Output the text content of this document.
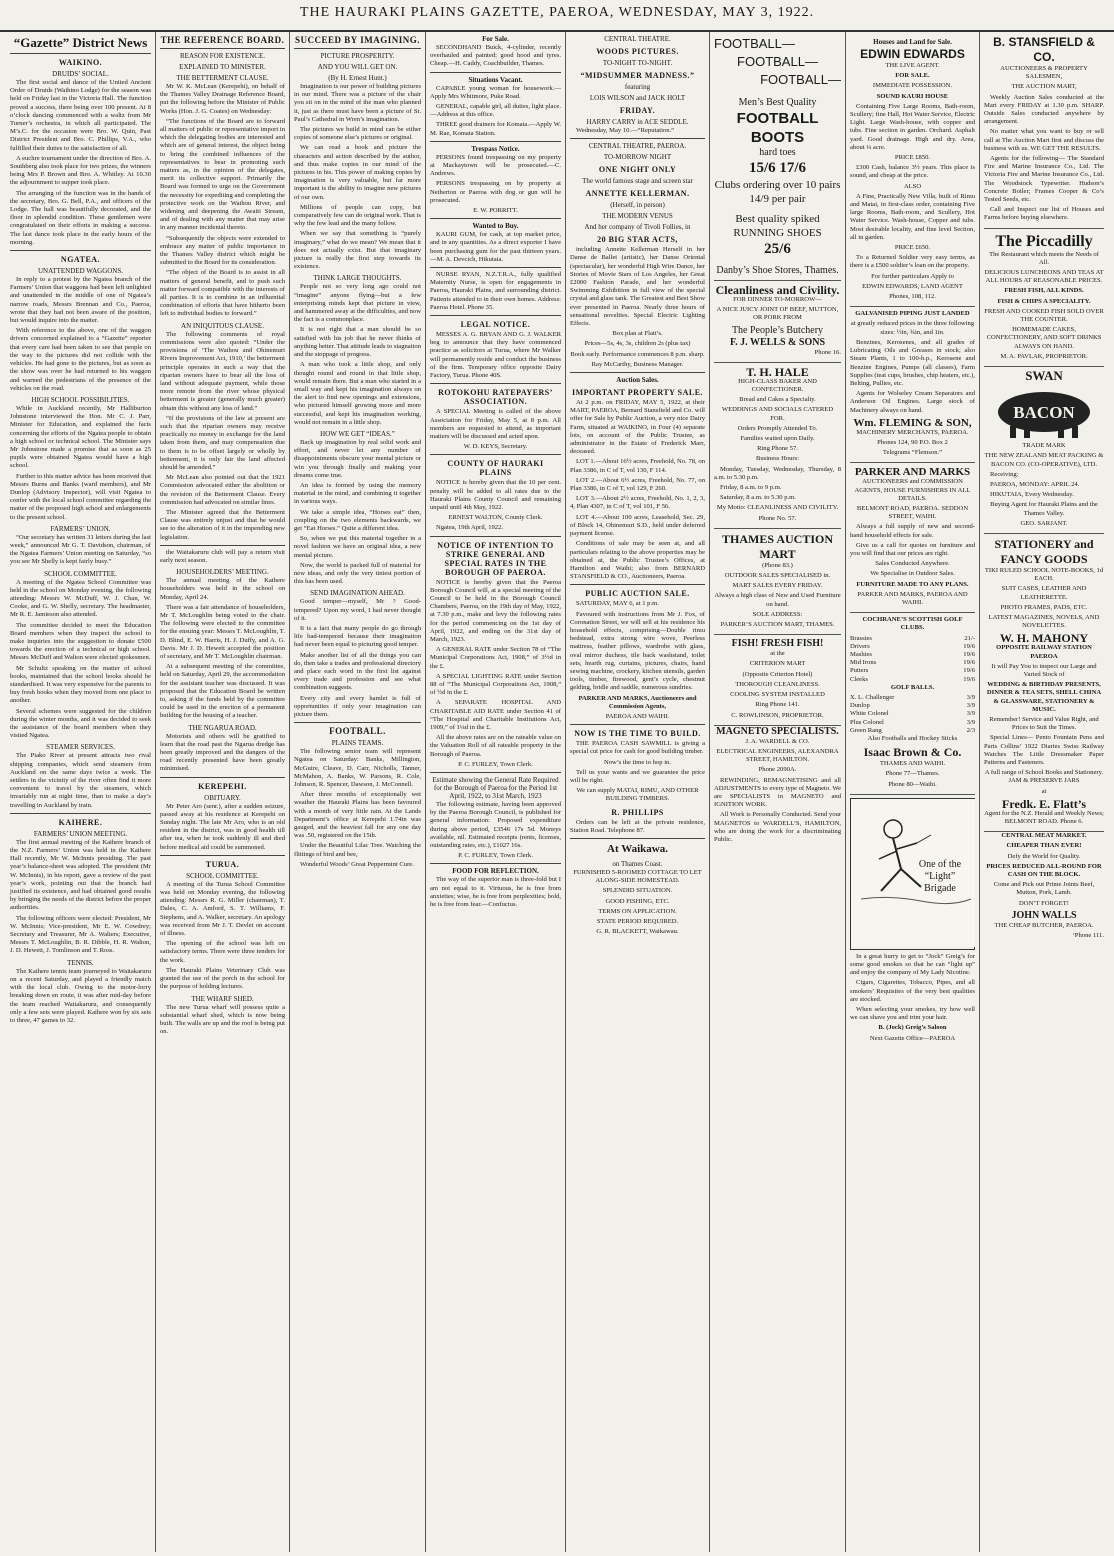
THE HAURAKI PLAINS GAZETTE, PAEROA, WEDNESDAY, MAY 3, 1922.
“Gazette” District News
WAIKINO.
DRUIDS’ SOCIAL.

The first social and dance of the United Ancient Order of Druids (Waihino Lodge) for the season was held on Friday last in the Victoria Hall. The function proved a success, there being over 100 present. At 8 o’clock dancing commenced with a waltz from Mr Turner’s orchestra, in which all participated. The M’s.C. for the occasion were Bro. W. Quin, Past District President and Bro. C. Phillips, V.A., who fulfilled their duties to the satisfaction of all.

A euchre tournament under the direction of Bro. A. Southberg also took place for two prizes, the winners being Mrs P. Brown and Bro. A. Whitley. At 10.30 the adjournment to supper took place.

The arranging of the function was in the hands of the secretary, Bro. G. Bell, P.A., and officers of the Lodge. The hall was beautifully decorated, and the floor in splendid condition. These gentlemen were congratulated on their efforts in making a success. The last dance took place in the early hours of the morning.

NGATEA.
UNATTENDED WAGGONS.

In reply to a protest by the Ngatea branch of the Farmers’ Union that waggons had been left unlighted and unattended in the middle of one of Ngatea’s narrow roads, Messrs Brennan and Co., Paeroa, wrote that they had not been aware of the position, but would inquire into the matter.

With reference to the above, one of the waggon drivers concerned explained to a “Gazette” reporter that every care had been taken to see that people on the way to the pictures did not collide with the vehicles. He had gone to the pictures, but as soon as the show was over he had returned to his waggon and warned the pedestrians of the presence of the vehicles on the road.

HIGH SCHOOL POSSIBILITIES.

While in Auckland recently, Mr Halliburton Johnstone interviewed the Hon. Mr C. J. Parr, Minister for Education, and explained the facts concerning the efforts of the Ngatea people to obtain a high school or technical school. The Minister says Mr Johnstone made a promise that as soon as 25 pupils were obtained Ngatea would have a high school.

Further to this matter advice has been received that Messrs Burns and Banks (ward members), and Mr Dunlop (Advisory Inspector), will visit Ngatea to confer with the local school committee regarding the matter of the proposed high school and enlargements to the present school.

FARMERS’ UNION.

“Our secretary has written 31 letters during the last week,” announced Mr G. T. Davidson, chairman, of the Ngatea Farmers’ Union meeting on Saturday, “so you see Mr Shelly is kept fairly busy.”

SCHOOL COMMITTEE.

A meeting of the Ngatea School Committee was held in the school on Monday evening, the following attending: Messrs W. McDuff, W. J. Chan, W. Cooke, and G. W. Shelly, secretary. The headmaster, Mr R. E. Jamieson also attended.

The committee decided to meet the Education Board members when they inspect the school to make inquiries into the suggestion to donate £500 towards the erection of a technical or high school. Messrs McDuff and Walton were elected spokesmen.

Mr Schultz speaking on the matter of school books, maintained that the school books should be standardised. It was very expensive for the parents to buy fresh books when they moved from one place to another.

Several schemes were suggested for the children during the winter months, and it was decided to seek the assistance of the board members when they visited Ngatea.

STEAMER SERVICES.

The Piako River at present attracts two rival shipping companies, which send steamers from Auckland on the same days twice a week. The settlers in the vicinity of the river often find it more convenient to travel by the steamers, which invariably run at night time, than to make a day’s travelling in Auckland by train.

KAIHERE.
FARMERS’ UNION MEETING.

The first annual meeting of the Kaihere branch of the N.Z. Farmers’ Union was held in the Kaihere Hall recently, Mr W. McInnis presiding. The past year’s balance-sheet was adopted. The president (Mr W. McInnis), in his report, gave a review of the past year’s work, pointing out that the branch had justified its existence, and had obtained good results by bringing the needs of the district before the proper authorities.

The following officers were elected: President, Mr W. McInnis; Vice-president, Mr E. W. Cowdrey; Secretary and Treasurer, Mr A. Walters; Executive, Messrs T. McLoughlin, B. R. Dibble, H. R. Walton, J. D. Hewett, J. Tomlinson and T. Ross.

TENNIS.

The Kaihere tennis team journeyed to Waitakaruru on a recent Saturday, and played a friendly match with the local club. Owing to the motor-lorry breaking down en route, it was after mid-day before the team reached Waitakaruru, and consequently only a few sets were played. Kaihere won by six sets to three, 47 games to 32.

THE REFERENCE BOARD.
REASON FOR EXISTENCE.
EXPLAINED TO MINISTER.
THE BETTERMENT CLAUSE.

Mr W. K. McLean (Kerepehi), on behalf of the Thames Valley Drainage Reference Board, put the following before the Minister of Public Works (Hon. J. G. Coates) on Wednesday:

“The functions of the Board are to forward all matters of public or representative import in which the delegating bodies are interested and which are of general interest, the object being to bring the combined influences of the representatives to bear in promoting such matters as, in the opinion of the delegates, merit its collective support. Primarily the Board was formed to urge on the Government the necessity for expediting and completing the protective work on the Waihou River, and widening and deepening the Awaiti Stream, and of dealing with any matter that may arise in any manner incidental thereto.

“Subsequently the objects were extended to embrace any matter of public importance in the Thames Valley district which might be submitted to the Board for its consideration.

“The object of the Board is to assist in all matters of general benefit, and to push such matter forward compatible with the interests of all parties. It is to combine in an influential combination of efforts that have hitherto been left to individual bodies to forward.”

AN INIQUITOUS CLAUSE.

The following comments of royal commissions were also quoted: “Under the provisions of ‘The Waihou and Ohinemuri Rivers Improvement Act, 1910,’ the betterment principle operates in such a way that the riparian owners have to bear all the loss of land without adequate payment, while those more remote from the river whose physical betterment is greater (generally much greater) obtain this without any loss of land.”

“If the provisions of the law at present are such that the riparian owners may receive practically no money in exchange for the land taken from them, and may compensation due to them is to be offset largely or wholly by betterment, it is only fair the land affected should be amended.”

Mr McLean also pointed out that the 1921 Commission advocated either the abolition or the revision of the Betterment Clause. Every commission had advocated on similar lines.

The Minister agreed that the Betterment Clause was entirely unjust and that he would see to the alteration of it in the impending new legislation.

the Waitakaruru club will pay a return visit early next season.

HOUSEHOLDERS’ MEETING.

The annual meeting of the Kaihere householders was held in the school on Monday, April 24.

There was a fair attendance of householders, Mr T. McLoughlin being voted to the chair. The following were elected to the committee for the ensuing year: Messrs T. McLoughlin, T. D. Blind, E. W. Harris, H. J. Duffy, and A. G. Davis. Mr J. D. Hewett accepted the position of secretary, and Mr T. McLoughlin chairman.

At a subsequent meeting of the committee, held on Saturday, April 29, the accommodation for the assistant teacher was discussed. It was proposed that the Education Board be written to, asking if the funds held by the committee could be used in the erection of a permanent building for the housing of a teacher.

THE NGARUA ROAD.

Motorists and others will be gratified to learn that the road past the Ngarua dredge has been greatly improved and the dangers of the road recently presented have been greatly minimised.

KEREPEHI.
OBITUARY.

Mr Peter Aro (senr.), after a sudden seizure, passed away at his residence at Kerepehi on Sunday night. The late Mr Aro, who is an old resident in the district, was in good health till after tea, when he took suddenly ill and died before medical aid could be summoned.

TURUA.
SCHOOL COMMITTEE.

A meeting of the Turua School Committee was held on Monday evening, the following attending: Messrs R. G. Miller (chairman), T. Dales, C. A. Amford, S. T. Williams, F. Stephens, and A. Walker, secretary. An apology was received from Mr J. T. Devlet on account of illness.

The opening of the school was left on satisfactory terms. There were three tenders for the work.

The Hauraki Plains Veterinary Club was granted the use of the porch in the school for the purpose of holding lectures.

THE WHARF SHED.

The new Turua wharf will possess quite a substantial wharf shed, which is now being built. The walls are up and the roof is being put on.

SUCCEED BY IMAGINING.
PICTURE PROSPERITY.
AND YOU WILL GET ON.
(By H. Ernest Hunt.)

Imagination is our power of building pictures in our mind. There was a picture of the chair you sit on in the mind of the man who planned it, just as there must have been a picture of St. Paul’s Cathedral in Wren’s imagination.

The pictures we build in mind can be either copies of someone else’s pictures or original.

We can read a book and picture the characters and action described by the author, and thus make copies in our mind of the pictures in his. This power of making copies by imagination is very valuable, but far more important is the ability to imagine new pictures of our own.

Millions of people can copy, but comparatively few can do original work. That is why the few lead and the many follow.

When we say that something is “purely imaginary,” what do we mean? We mean that it does not actually exist. But that imaginary picture is really the first step towards its existence.

THINK LARGE THOUGHTS.

People not so very long ago could not “imagine” anyone flying—but a few enterprising minds kept that picture in view, and hammered away at the difficulties, and now the fact is a commonplace.

It is not right that a man should be so satisfied with his job that he never thinks of anything better. That attitude leads to stagnation and the stoppage of progress.

A man who took a little shop, and only thought round and round in that little shop, would remain there. But a man who started in a small way and kept his imagination always on the alert to find new openings and extensions, who pictured himself growing more and more successful, and kept his imagination working, would not remain in a little shop.

HOW WE GET “IDEAS.”

Back up imagination by real solid work and effort, and never let any number of disappointments obscure your mental picture or win you through finally and making your dreams come true.

An idea is formed by using the memory material in the mind, and combining it together in various ways.

We take a simple idea, “Horses eat” then, coupling on the two elements backwards, we get “Eat Horses.” Quite a different idea.

So, when we put this material together in a novel fashion we have an original idea, a new mental picture.

Now, the world is packed full of material for new ideas, and only the very tiniest portion of this has been used.

SEND IMAGINATION AHEAD.

Good temper—myself, Mr ? Good-tempered? Upon my word, I had never thought of it.

It is a fact that many people do go through life bad-tempered because their imagination had never been equal to picturing good temper.

Make another list of all the things you can do, then take a trades and professional directory and place each word in the first list against every trade and profession and see what combination suggests.

Every city and every hamlet is full of opportunities if only your imagination can picture them.

FOOTBALL.
PLAINS TEAMS.

The following senior team will represent Ngatea on Saturday: Banks, Millington, McGuire, Cleave, D. Carr, Nicholls, Tanner, McMahon, A. Banks, W. Parsons, R. Cole, Johnson, R. Spencer, Dawson, J. McConnell.

After three months of exceptionally wet weather the Hauraki Plains has been favoured with a month of very little rain. At the Lands Department’s office at Kerepehi 1.74in was gauged, and the heaviest fall for any one day was .50, registered on the 15th.

Under the Beautiful Lilac Tree. Watching the flittings of bird and bee,

Wonderful Woods’ Great Peppermint Cure.

For Sale.

SECONDHAND Buick, 4-cylinder, recently overhauled and painted; good hood and tyres. Cheap.—H. Caddy, Coachbuilder, Thames.

Situations Vacant.

CAPABLE young woman for housework.—Apply Mrs Whitmore, Puke Road.

GENERAL, capable girl, all duties, light place.—Address at this office.

THREE good drainers for Komata.—Apply W. M. Rae, Komata Station.

Trespass Notice.

PERSONS found trespassing on my property at Mackaytown will be prosecuted.—C. Andrews.

PERSONS trespassing on by property at Netherton or Paeroa with dog or gun will be prosecuted.

E. W. PORRITT.

Wanted to Buy.

KAURI GUM, for cash, at top market price, and in any quantities. As a direct exporter I have been purchasing gum for the past thirteen years.—M. A. Devcich, Hikutaia.

NURSE RYAN, N.Z.T.R.A., fully qualified Maternity Nurse, is open for engagements in Paeroa, Hauraki Plains, and surrounding district. Patients attended to in their own homes. Address: Paeroa Hotel. Phone 35.

LEGAL NOTICE.

MESSES A. G. BRYAN AND G. J. WALKER beg to announce that they have commenced practice as solicitors at Turua, where Mr Walker will permanently reside and conduct the business of the firm. Temporary office opposite Dairy Factory, Turua. Phone 40S.

ROTOKOHU RATEPAYERS’ ASSOCIATION.

A SPECIAL Meeting is called of the above Association for Friday, May 5, at 8 p.m. All members are requested to attend, as important matters will be discussed and acted upon.

W. D. KEYS, Secretary.

COUNTY OF HAURAKI PLAINS

NOTICE is hereby given that the 10 per cent. penalty will be added to all rates due to the Hauraki Plains County Council and remaining unpaid until 4th May, 1922.

ERNEST WALTON, County Clerk.

Ngatea, 19th April, 1922.

NOTICE OF INTENTION TO STRIKE GENERAL AND SPECIAL RATES IN THE BOROUGH OF PAEROA.

NOTICE is hereby given that the Paeroa Borough Council will, at a special meeting of the Council to be held in the Borough Council Chambers, Paeroa, on the 19th day of May, 1922, at 7.30 p.m., make and levy the following rates for the period commencing on the 1st day of April, 1922, and ending on the 31st day of March, 1923.

A GENERAL RATE under Section 78 of “The Municipal Corporations Act, 1908,” of 3½d in the £.

A SPECIAL LIGHTING RATE under Section 88 of “The Municipal Corporations Act, 1908,” of ½d in the £.

A SEPARATE HOSPITAL AND CHARITABLE AID RATE under Section 41 of “The Hospital and Charitable Institutions Act, 1909,” of 1¼d in the £.

All the above rates are on the rateable value on the Valuation Roll of all rateable property in the Borough of Paeroa.

P. C. FURLEY, Town Clerk.

Estimate showing the General Rate Required for the Borough of Paeroa for the Period 1st April, 1922, to 31st March, 1923

The following estimate, having been approved by the Paeroa Borough Council, is published for general information: Proposed expenditure during above period, £3546 17s 5d. Moneys available, nil. Estimated receipts (rents, licenses, outstanding rates, etc.), £1027 16s.

P. C. FURLEY, Town Clerk.

FOOD FOR REFLECTION.

The way of the superior man is three-fold but I am not equal to it. Virtuous, he is free from anxieties; wise, he is free from perplexities; bold, he is free from fear.—Confucius.

CENTRAL THEATRE.
WOODS PICTURES.
TO-NIGHT TO-NIGHT.
“MIDSUMMER MADNESS.”
featuring
LOIS WILSON and JACK HOLT
FRIDAY.
HARRY CARRY in ACE SEDDLE.

Wednesday, May 10.—“Reputation.”

CENTRAL THEATRE, PAEROA.
TO-MORROW NIGHT
ONE NIGHT ONLY
The world famous stage and screen star
ANNETTE KELLERMAN.
(Herself, in person)
THE MODERN VENUS
And her company of Tivoli Follies, in
20 BIG STAR ACTS,

including Annette Kellerman Herself in her Danse de Ballet (artistic), her Danse Oriental (spectacular), her wonderful High Wire Dance, her Stories of Movie Stars of Los Angeles, her Great £2000 Fashion Parade, and her wonderful Swimming Exhibition in full view of the special crystal and glass tank. The Greatest and Best Show ever presented in Paeroa. Nearly three hours of sensational novelties. Special Electric Lighting Effects.

Box plan at Flatt’s.

Prices—5s, 4s, 3s, children 2s (plus tax)

Book early. Performance commences 8 p.m. sharp.

Ray McCarthy, Business Manager.

Auction Sales.
IMPORTANT PROPERTY SALE.

At 2 p.m. on FRIDAY, MAY 5, 1922, at their MART, PAEROA, Bernard Stansfield and Co. will offer for Sale by Public Auction, a very nice Dairy Farm, situated at WAIKINO, in Four (4) separate lots, on account of the Public Trustee, as administrator in the Estate of Frederick Marr, deceased.

LOT 1.—About 16½ acres, Freehold, No. 78, on Plan 3386, in C of T, vol 130, F 114.

LOT 2.—About 6½ acres, Freehold, No. 77, on Plan 3386, in C of T, vol 129, F 260.

LOT 3.—About 2½ acres, Freehold, No. 1, 2, 3, 4, Plan 4307, in C of T, vol 101, F 56.

LOT 4.—About 100 acres, Leasehold, Sec. 29, of Block 14, Ohinemuri S.D., held under deferred payment license.

Conditions of sale may be seen at, and all particulars relating to the above properties may be obtained at, the Public Trustee’s Offices, at Hamilton and Waihi; also from BERNARD STANSFIELD & CO., Auctioneers, Paeroa.

PUBLIC AUCTION SALE.

SATURDAY, MAY 6, at 1 p.m.

Favoured with instructions from Mr J. Fox, of Coronation Street, we will sell at his residence his household effects, comprising—Double rimu bedstead, extra strong wire wove, Peerless mattress, feather pillows, wardrobe with glass, oval mirror duchess, tile back washstand, toilet sets, hearth rug, curtains, pictures, chairs, hand sewing machine, crockery, kitchen utensils, garden tools, timber, firewood, gent’s cycle, chestnut gelding, bridle and saddle, numerous sundries.

PARKER AND MARKS, Auctioneers and Commission Agents,

PAEROA AND WAIHI.

NOW IS THE TIME TO BUILD.

THE PAEROA CASH SAWMILL is giving a special cut price for cash for good building timber.

Now’s the time to hop in.

Tell us your wants and we guarantee the price will be right.

We can supply MATAI, RIMU, AND OTHER BUILDING TIMBERS.

R. PHILLIPS

Orders can be left at the private residence, Station Road. Telephone 87.

At Waikawa.
on Thames Coast.

FURNISHED 5-ROOMED COTTAGE TO LET ALONG-SIDE HOMESTEAD.

SPLENDID SITUATION.

GOOD FISHING, ETC.

TERMS ON APPLICATION.

STATE PERIOD REQUIRED.

G. R. BLACKETT, Waikawau.

FOOTBALL—
FOOTBALL—
FOOTBALL—
Men’s Best Quality
FOOTBALL BOOTS
hard toes
15/6 17/6
Clubs ordering over 10 pairs 14/9 per pair
Best quality spiked RUNNING SHOES
25/6
Danby’s Shoe Stores, Thames.
Cleanliness and Civility.

FOR DINNER TO-MORROW—

A NICE JUICY JOINT OF BEEF, MUTTON, OR PORK FROM

The People’s Butchery
F. J. WELLS & SONS

Phone 16.

T. H. HALE

HIGH-CLASS BAKER AND CONFECTIONER.

Bread and Cakes a Specialty.

WEDDINGS AND SOCIALS CATERED FOR.

Orders Promptly Attended To.

Families waited upon Daily.

Ring Phone 57.

Business Hours:

Monday, Tuesday, Wednesday, Thursday, 8 a.m. to 5.30 p.m.

Friday, 8 a.m. to 9 p.m.

Saturday, 8 a.m. to 5.30 p.m.

My Motto: CLEANLINESS AND CIVILITY.

Phone No. 57.

THAMES AUCTION MART

(Phone 83.)

OUTDOOR SALES SPECIALISED in.

MART SALES EVERY FRIDAY.

Always a high class of New and Used Furniture on hand.

SOLE ADDRESS:

PARKER’S AUCTION MART, THAMES.

FISH! FRESH FISH!

at the

CRITERION MART

(Opposite Criterion Hotel)

THOROUGH CLEANLINESS.

COOLING SYSTEM INSTALLED

Ring Phone 141.

C. ROWLINSON, PROPRIETOR.

MAGNETO SPECIALISTS.

J. A. WARDELL & CO.

ELECTRICAL ENGINEERS, ALEXANDRA STREET, HAMILTON.

Phone 2090A.

REWINDING, REMAGNETISING and all ADJUSTMENTS to every type of Magneto. We are SPECIALISTS in MAGNETO and IGNITION WORK.

All Work is Personally Conducted. Send your MAGNETOS to WARDELL’S, HAMILTON, who are doing the work for a discriminating Public.

Houses and Land for Sale.
EDWIN EDWARDS

THE LIVE AGENT.

FOR SALE.

IMMEDIATE POSSESSION.

SOUND KAURI HOUSE

Containing Five Large Rooms, Bath-room, Scullery; fine Hall, Hot Water Service, Electric Light. Large Wash-house, with copper and tubs. Fine section in garden. Orchard. Asphalt yard. Good drainage. High and dry. Area, about ¼ acre.

PRICE £850.

£300 Cash, balance 3½ years. This place is sound, and cheap at the price.

ALSO

A Fine, Practically New Villa, built of Rimu and Matai, in first-class order, containing Five large Rooms, Bath-room, and Scullery, Hot Water Service. Wash-house, Copper and tubs. Most desirable locality, and fine level Section, all in garden.

PRICE £650.

To a Returned Soldier very easy terms, as there is a £500 soldier’s loan on the property.

For further particulars Apply to

EDWIN EDWARDS, LAND AGENT

Phones, 108, 112.

GALVANISED PIPING JUST LANDED

at greatly reduced prices in the three following sizes: ½in, ¾in, and 1in.

Benzines, Kerosenes, and all grades of Lubricating Oils and Greases in stock; also Steam Plants, 1 to 100-h.p., Kerosene and Benzine Engines, Pumps (all classes), Farm Supplies (teat cups, brushes, chip heaters, etc.), Belting, Pullies, etc.

Agents for Wolseley Cream Separators and Anderson Oil Engines. Large stock of Machinery always on hand.

Wm. FLEMING & SON,

MACHINERY MERCHANTS, PAEROA.

Phones 124, 90 P.O. Box 2

Telegrams “Flemson.”

PARKER AND MARKS

AUCTIONEERS and COMMISSION AGENTS, HOUSE FURNISHERS IN ALL DETAILS.

BELMONT ROAD, PAEROA. SEDDON STREET, WAIHI.

Always a full supply of new and second-hand household effects for sale.

Give us a call for quotes on furniture and you will find that our prices are right.

Sales Conducted Anywhere.

We Specialise in Outdoor Sales.

FURNITURE MADE TO ANY PLANS.

PARKER AND MARKS, PAEROA AND WAIHI.

COCHRANE’S SCOTTISH GOLF CLUBS.

Brassies	21/-
Drivers	19/6
Mashies	19/6
Mid Irons	19/6
Putters	19/6
Cleeks	19/6

GOLF BALLS.

X. L. Challenger	3/9
Dunlop	3/9
White Colonel	3/9
Plus Colonel	3/9
Green Rang	2/3

Also Footballs and Hockey Sticks

Isaac Brown & Co.

THAMES AND WAIHI.

Phone 77—Thames.

Phone 80—Waihi.

One of the “Light” Brigade

In a great hurry to get to “Jock” Greig’s for some good smokes so that he can “light up” and enjoy the company of My Lady Nicotine.

Cigars, Cigarettes, Tobacco, Pipes, and all smokers’ Requisites of the very best qualities are stocked.

When selecting your smokes, try how well we can shave you and trim your hair.

B. (Jock) Greig’s Saloon

Next Gazette Office—PAEROA

B. STANSFIELD & CO.

AUCTIONEERS & PROPERTY SALESMEN,

THE AUCTION MART,

Weekly Auction Sales conducted at the Mart every FRIDAY at 1.30 p.m. SHARP. Outside Sales conducted anywhere by arrangement.

No matter what you want to buy or sell call at The Auction Mart first and discuss the business with us. WE GET THE RESULTS.

Agents for the following— The Standard Fire and Marine Insurance Co., Ltd. The Victoria Fire and Marine Insurance Co., Ltd. The Woodstock Typewriter. Hudson’s Concrete Boiler; Frames Cooper & Co’s Tested Seeds, etc.

Call and Inspect our list of Houses and Farms before buying elsewhere.

The Piccadilly

The Restaurant which meets the Needs of All.

DELICIOUS LUNCHEONS AND TEAS AT ALL HOURS AT REASONABLE PRICES.

FRESH FISH, ALL KINDS.

FISH & CHIPS A SPECIALITY.

FRESH AND COOKED FISH SOLD OVER THE COUNTER.

HOMEMADE CAKES, CONFECTIONERY, AND SOFT DRINKS ALWAYS ON HAND.

M. A. PAVLAK, PROPRIETOR.

SWAN
BACON

TRADE MARK

THE NEW ZEALAND MEAT PACKING & BACON CO. (CO-OPERATIVE), LTD.

Receiving:

PAEROA, MONDAY: APRIL 24.

HIKUTAIA, Every Wednesday.

Buying Agent for Hauraki Plains and the Thames Valley.

GEO. SARJANT.

STATIONERY and FANCY GOODS

TIKI RULED SCHOOL NOTE-BOOKS, 1d EACH.

SUIT CASES, LEATHER AND LEATHERETTE.

PHOTO FRAMES, PADS, ETC.

LATEST MAGAZINES, NOVELS, AND NOVELETTES.

W. H. MAHONY

OPPOSITE RAILWAY STATION PAEROA

It will Pay You to inspect our Large and Varied Stock of

WEDDING & BIRTHDAY PRESENTS, DINNER & TEA SETS, SHELL CHINA & GLASSWARE, STATIONERY & MUSIC.

Remember! Service and Value Right, and Prices to Suit the Times.

Special Lines— Pento Fountain Pens and Parts Collins’ 1922 Diaries Swiss Railway Watches The Little Dressmaker Paper Patterns and Fasteners.

A full range of School Books and Stationery. JAM & PRESERVE JARS

at

Fredk. E. Flatt’s

Agent for the N.Z. Herald and Weekly News; BELMONT ROAD. Phone 6.

CENTRAL MEAT MARKET.

CHEAPER THAN EVER!

Defy the World for Quality.

PRICES REDUCED ALL-ROUND FOR CASH ON THE BLOCK.

Come and Pick out Prime Joints Beef, Mutton, Pork, Lamb.

DON’T FORGET!

JOHN WALLS

THE CHEAP BUTCHER, PAEROA.

’Phone 111.
